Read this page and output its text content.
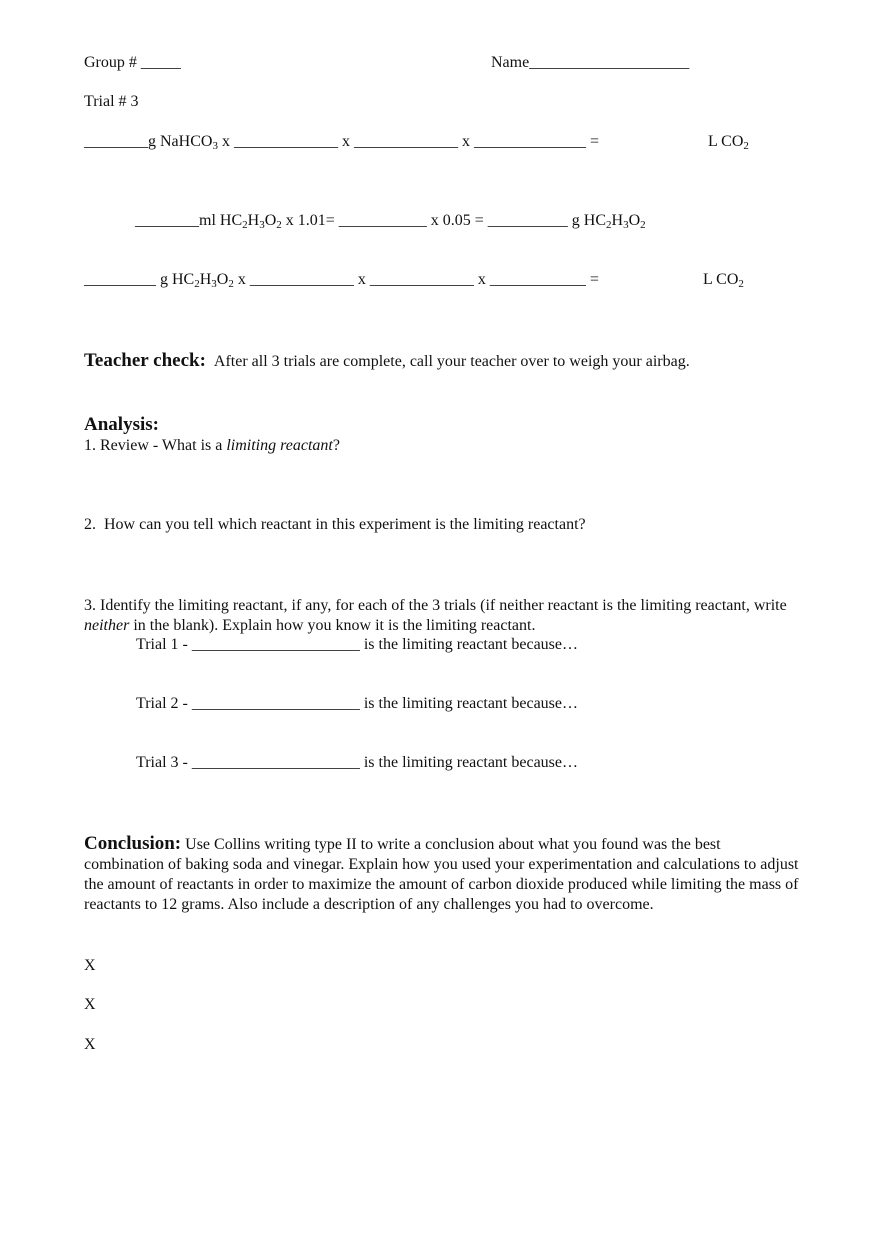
Group # _____	Name____________________
Trial # 3
________g NaHCO$_3$ x _____________ x _____________ x ______________ =	L $CO_2$
________ml $HC_2H_3O_2$ x 1.01= ___________ x 0.05 = __________ g $HC_2H_3O_2$
_________ g $HC_2H_3O_2$ x _____________ x _____________ x ____________ =	L $CO_2$
Teacher check: After all 3 trials are complete, call your teacher over to weigh your airbag.
Analysis:
1. Review - What is a limiting reactant?
2.  How can you tell which reactant in this experiment is the limiting reactant?
3. Identify the limiting reactant, if any, for each of the 3 trials (if neither reactant is the limiting reactant, write neither in the blank). Explain how you know it is the limiting reactant.
Trial 1 - _____________________ is the limiting reactant because…
Trial 2 - _____________________ is the limiting reactant because…
Trial 3 - _____________________ is the limiting reactant because…
Conclusion: Use Collins writing type II to write a conclusion about what you found was the best combination of baking soda and vinegar. Explain how you used your experimentation and calculations to adjust the amount of reactants in order to maximize the amount of carbon dioxide produced while limiting the mass of reactants to 12 grams. Also include a description of any challenges you had to overcome.
X
X
X
